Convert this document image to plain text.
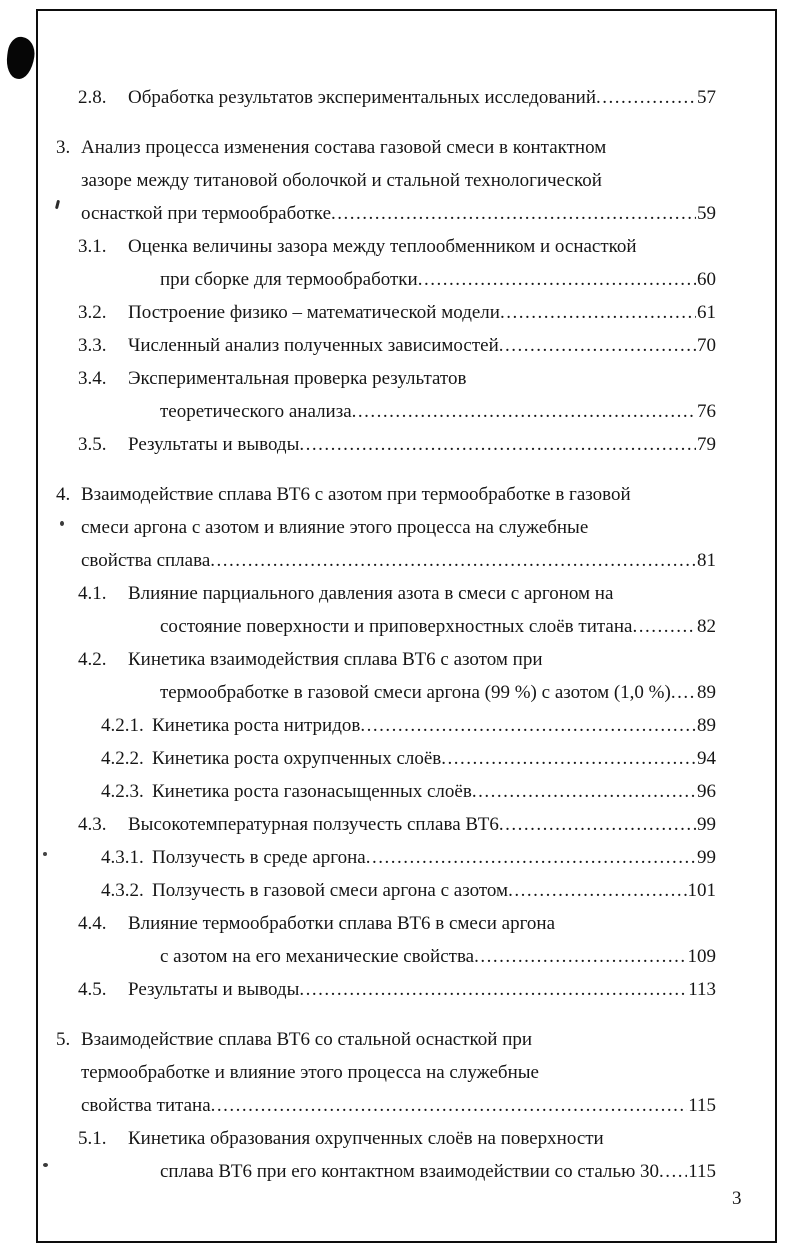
2.8. Обработка результатов экспериментальных исследований .....	57
3. Анализ процесса изменения состава газовой смеси в контактном
зазоре между титановой оболочкой и стальной технологической
оснасткой при термообработке .....	59
3.1.	Оценка величины зазора между теплообменником и оснасткой
при сборке для термообработки .....	60
3.2. Построение физико – математической модели .....	61
3.3. Численный анализ полученных зависимостей .....	70
3.4.	Экспериментальная проверка результатов
теоретического анализа .....	76
3.5. Результаты и выводы .....	79
4. Взаимодействие сплава ВТ6 с азотом при термообработке в газовой
смеси аргона с азотом и влияние этого процесса на служебные
свойства сплава .....	81
4.1.	Влияние парциального давления азота в смеси с аргоном на
состояние поверхности и приповерхностных слоёв титана .....	82
4.2.	Кинетика взаимодействия сплава ВТ6 с азотом при
термообработке в газовой смеси аргона (99 %) с азотом (1,0 %) ..... 89
4.2.1. Кинетика роста нитридов .....	89
4.2.2. Кинетика роста охрупченных слоёв .....	94
4.2.3. Кинетика роста газонасыщенных слоёв .....	96
4.3. Высокотемпературная ползучесть сплава ВТ6 .....	99
4.3.1. Ползучесть в среде аргона .....	99
4.3.2. Ползучесть в газовой смеси аргона с азотом .....	101
4.4.	Влияние термообработки сплава ВТ6 в смеси аргона
с азотом на его механические свойства .....	109
4.5. Результаты и выводы .....	113
5. Взаимодействие сплава ВТ6 со стальной оснасткой при
термообработке и влияние этого процесса на служебные
свойства титана .....	115
5.1.	Кинетика образования охрупченных слоёв на поверхности
сплава ВТ6 при его контактном взаимодействии со сталью 30 ..... 115
3
